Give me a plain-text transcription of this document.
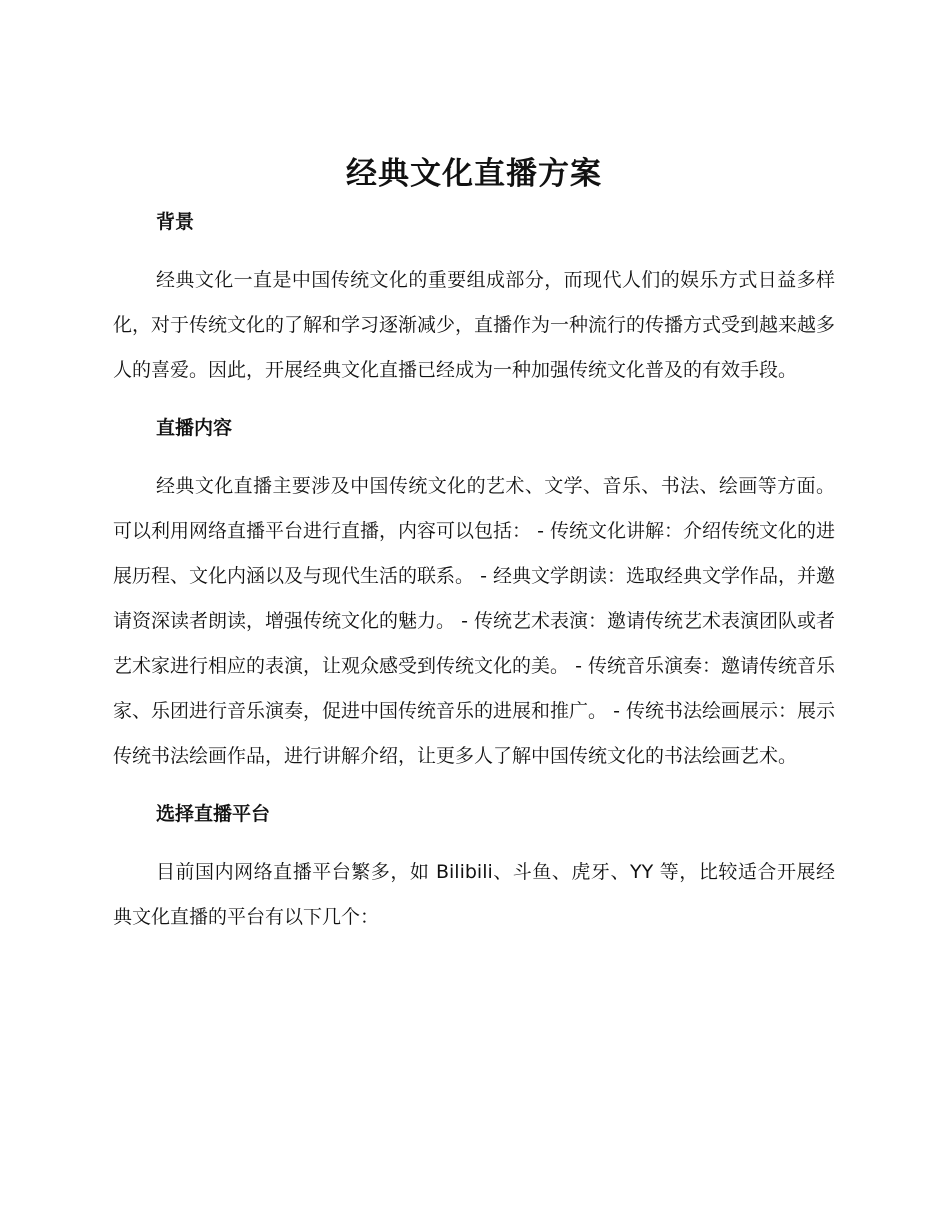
经典文化直播方案
背景

经典文化一直是中国传统文化的重要组成部分，而现代人们的娱乐方式日益多样化，对于传统文化的了解和学习逐渐减少，直播作为一种流行的传播方式受到越来越多人的喜爱。因此，开展经典文化直播已经成为一种加强传统文化普及的有效手段。

直播内容

经典文化直播主要涉及中国传统文化的艺术、文学、音乐、书法、绘画等方面。可以利用网络直播平台进行直播，内容可以包括： - 传统文化讲解：介绍传统文化的进展历程、文化内涵以及与现代生活的联系。 - 经典文学朗读：选取经典文学作品，并邀请资深读者朗读，增强传统文化的魅力。 - 传统艺术表演：邀请传统艺术表演团队或者艺术家进行相应的表演，让观众感受到传统文化的美。 - 传统音乐演奏：邀请传统音乐家、乐团进行音乐演奏，促进中国传统音乐的进展和推广。 - 传统书法绘画展示：展示传统书法绘画作品，进行讲解介绍，让更多人了解中国传统文化的书法绘画艺术。

选择直播平台

目前国内网络直播平台繁多，如 Bilibili、斗鱼、虎牙、YY 等，比较适合开展经典文化直播的平台有以下几个：
